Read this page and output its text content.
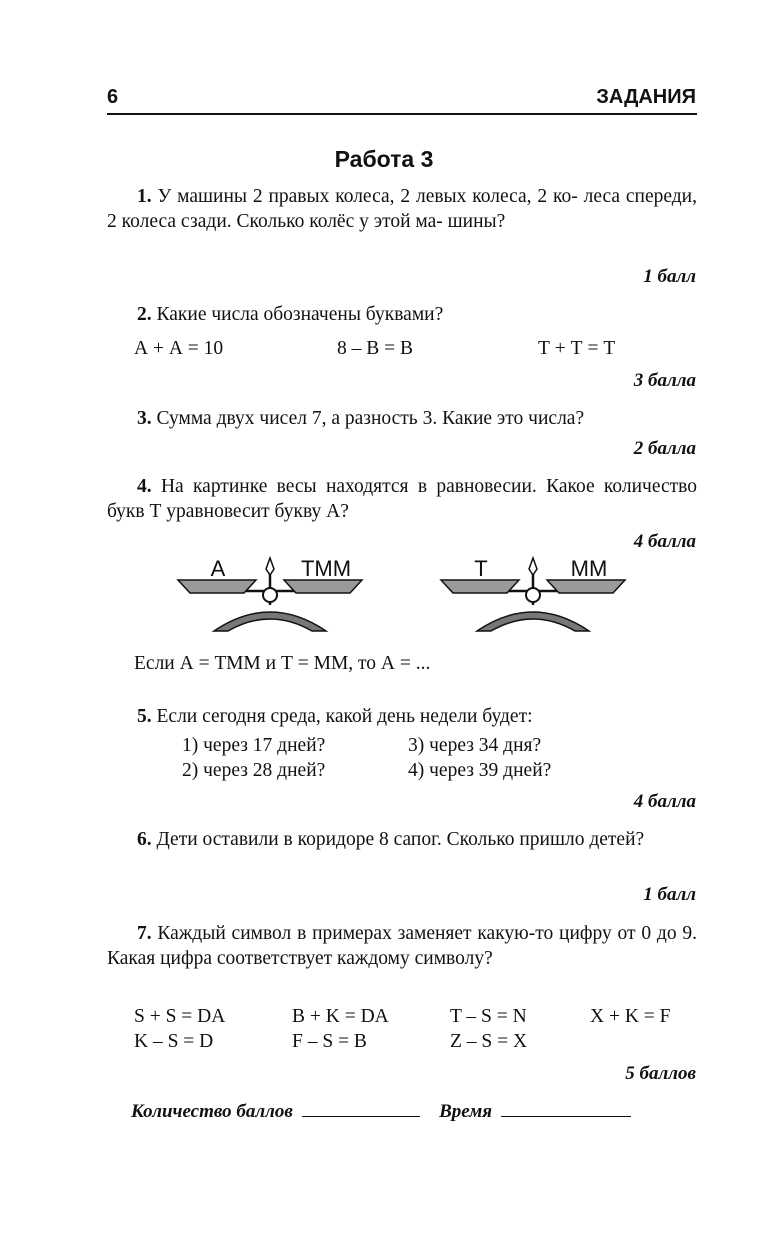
6	ЗАДАНИЯ
Работа 3
1. У машины 2 правых колеса, 2 левых колеса, 2 ко- леса спереди, 2 колеса сзади. Сколько колёс у этой ма- шины?
1 балл
2. Какие числа обозначены буквами?
А + А = 10	8 – В = В	Т + Т = Т
3 балла
3. Сумма двух чисел 7, а разность 3. Какие это числа?
2 балла
4. На картинке весы находятся в равновесии. Какое количество букв Т уравновесит букву А?
4 балла
А	ТММ	Т	ММ
Если А = ТММ и Т = ММ, то А = ...
5. Если сегодня среда, какой день недели будет:
1) через 17 дней?	3) через 34 дня?
2) через 28 дней?	4) через 39 дней?
4 балла
6. Дети оставили в коридоре 8 сапог. Сколько пришло детей?
1 балл
7. Каждый символ в примерах заменяет какую-то цифру от 0 до 9. Какая цифра соответствует каждому символу?
S + S = DA	B + K = DA	T – S = N	X + K = F
K – S = D	F – S = B	Z – S = X
5 баллов
Количество баллов	Время
